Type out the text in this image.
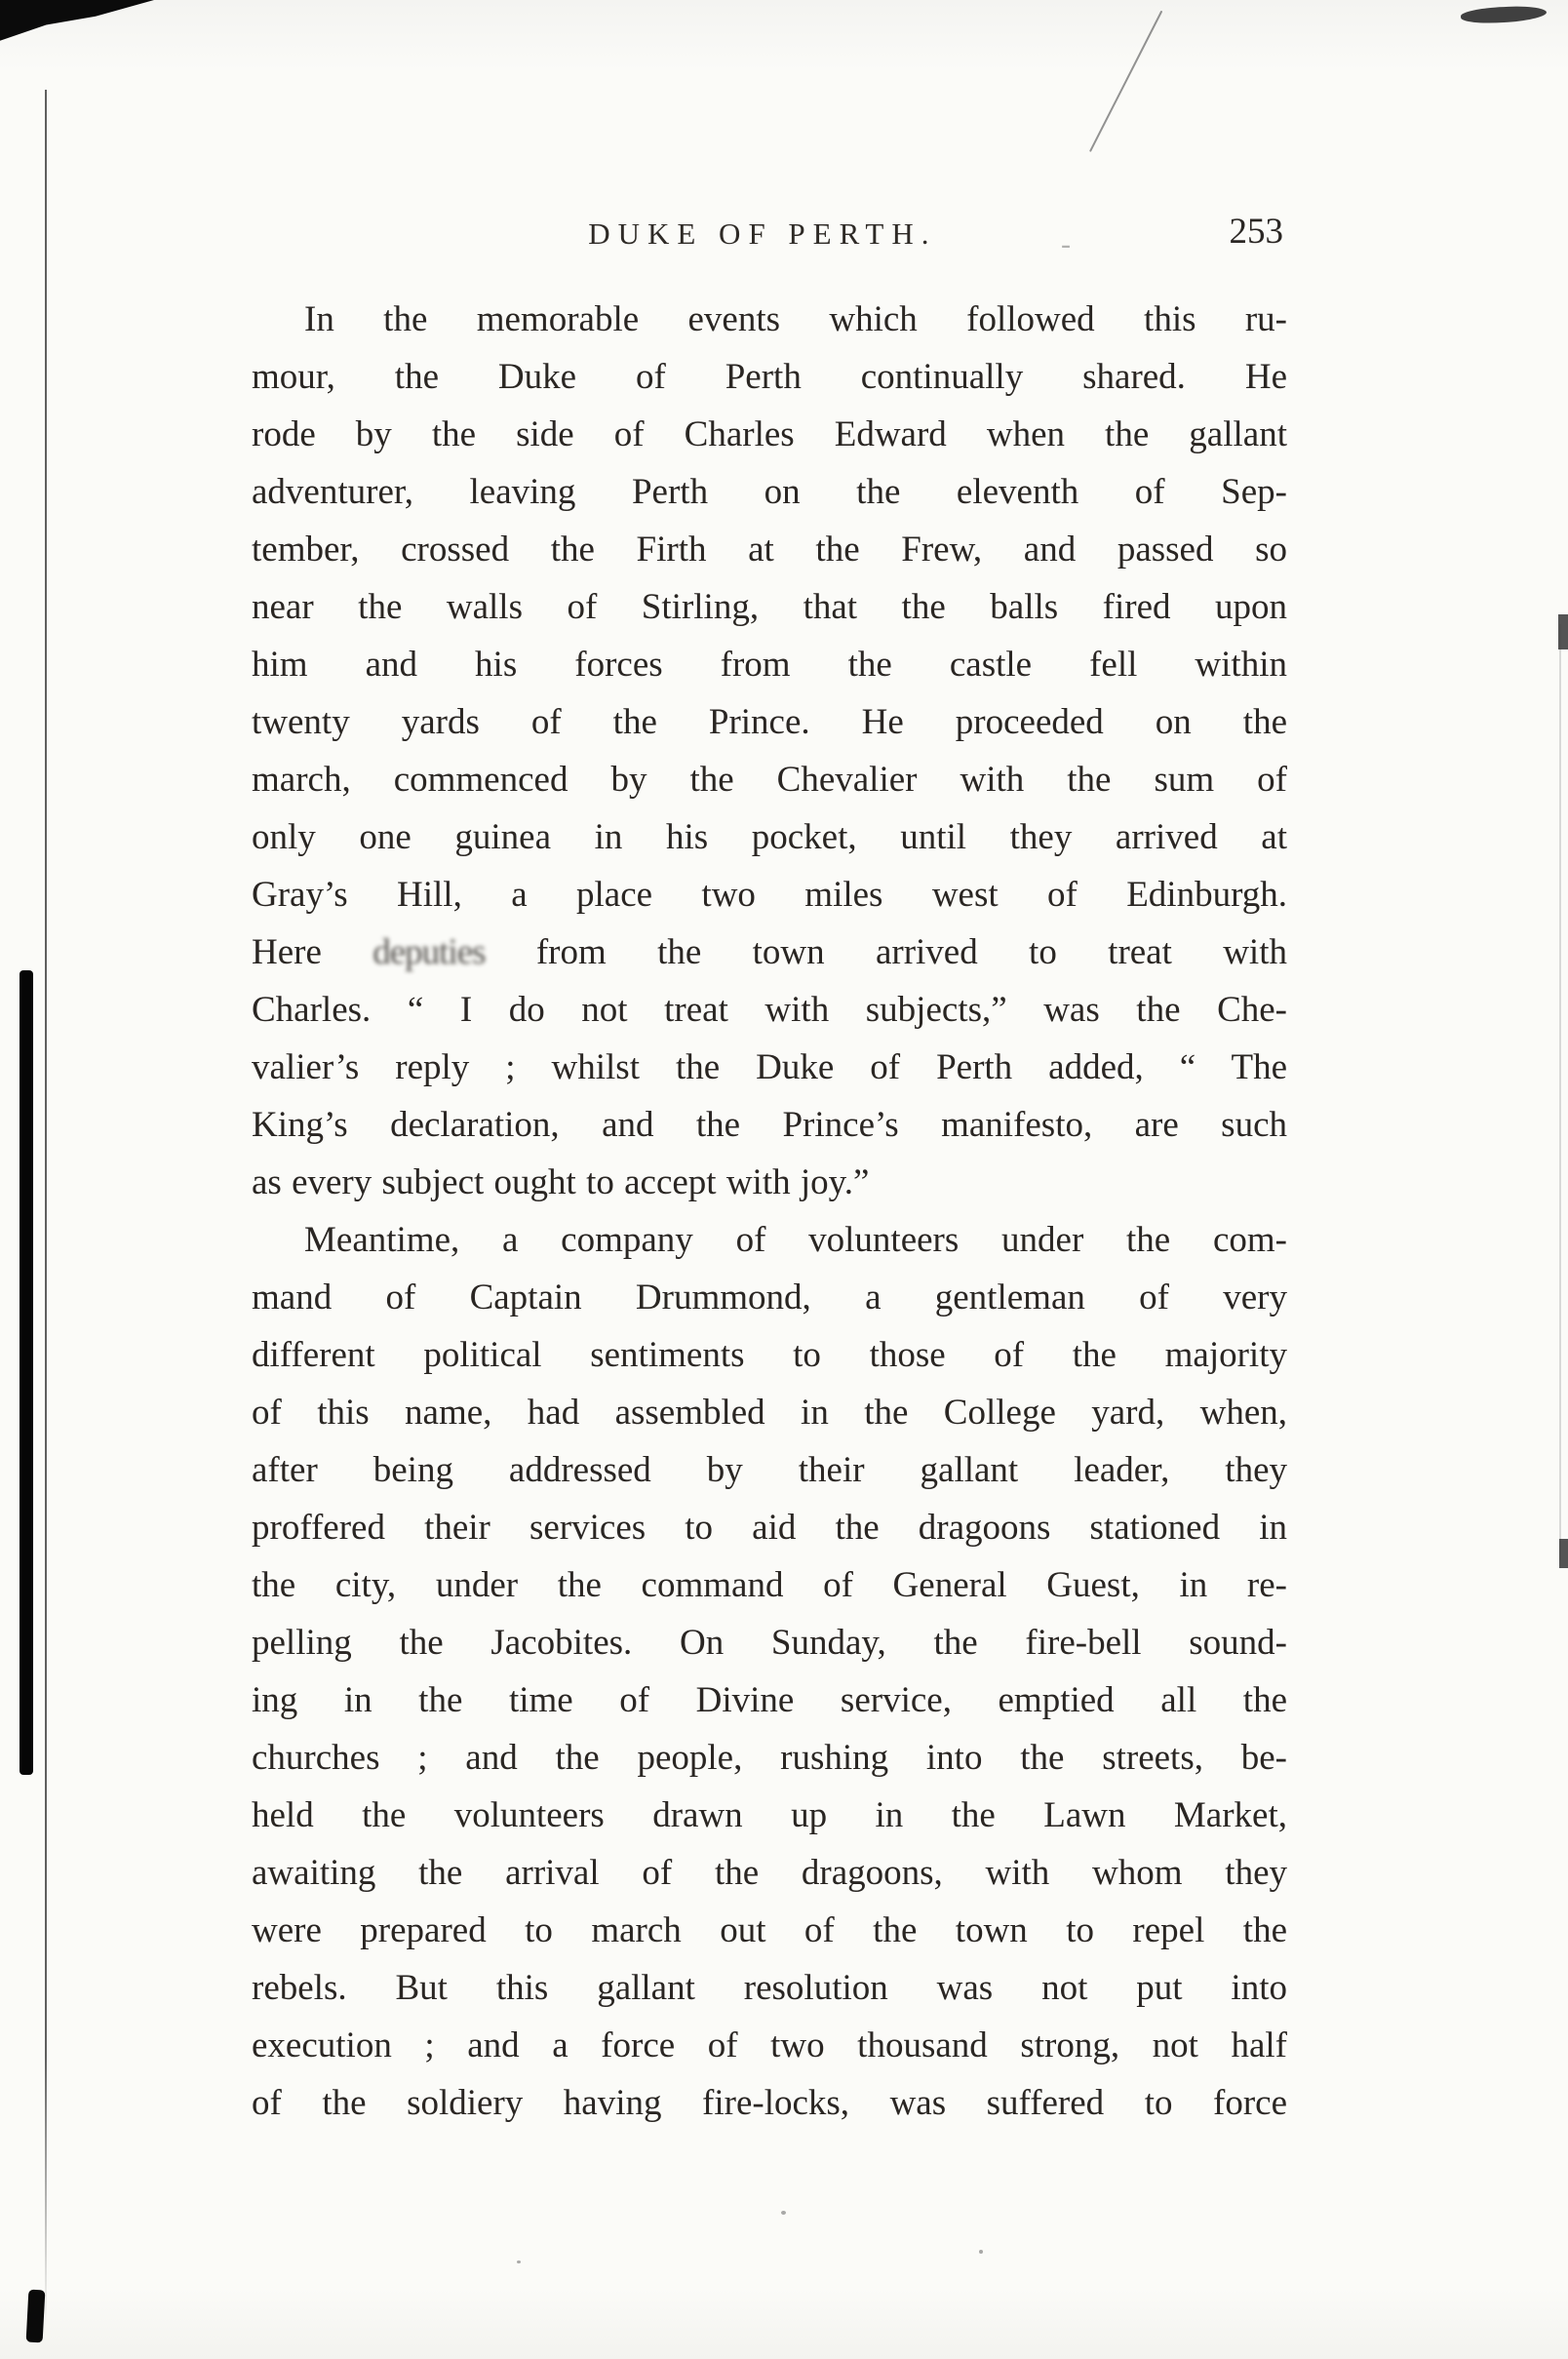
DUKE OF PERTH.	-	253
In the memorable events which followed this ru-
mour, the Duke of Perth continually shared. He
rode by the side of Charles Edward when the gallant
adventurer, leaving Perth on the eleventh of Sep-
tember, crossed the Firth at the Frew, and passed so
near the walls of Stirling, that the balls fired upon
him and his forces from the castle fell within
twenty yards of the Prince. He proceeded on the
march, commenced by the Chevalier with the sum of
only one guinea in his pocket, until they arrived at
Gray’s Hill, a place two miles west of Edinburgh.
Here deputies from the town arrived to treat with
Charles. “ I do not treat with subjects,” was the Che-
valier’s reply ; whilst the Duke of Perth added, “ The
King’s declaration, and the Prince’s manifesto, are such
as every subject ought to accept with joy.”
Meantime, a company of volunteers under the com-
mand of Captain Drummond, a gentleman of very
different political sentiments to those of the majority
of this name, had assembled in the College yard, when,
after being addressed by their gallant leader, they
proffered their services to aid the dragoons stationed in
the city, under the command of General Guest, in re-
pelling the Jacobites. On Sunday, the fire-bell sound-
ing in the time of Divine service, emptied all the
churches ; and the people, rushing into the streets, be-
held the volunteers drawn up in the Lawn Market,
awaiting the arrival of the dragoons, with whom they
were prepared to march out of the town to repel the
rebels. But this gallant resolution was not put into
execution ; and a force of two thousand strong, not half
of the soldiery having fire-locks, was suffered to force
